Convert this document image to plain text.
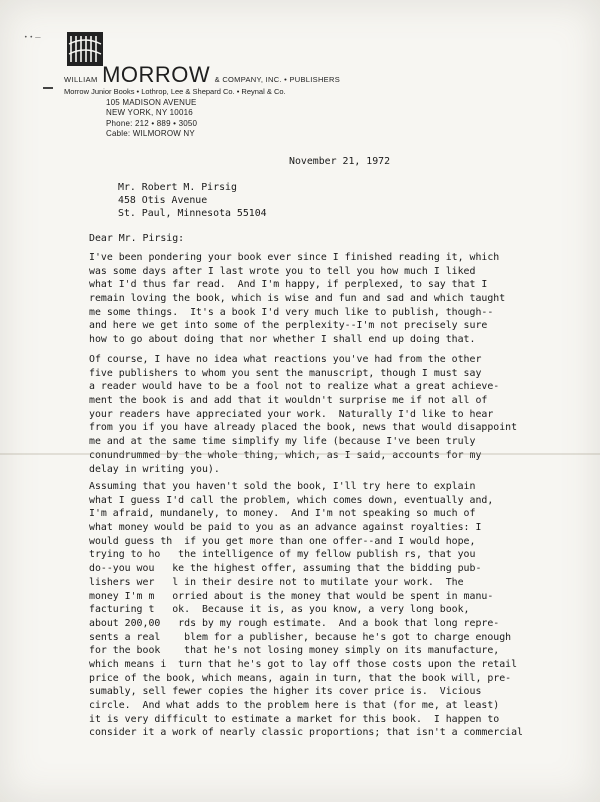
• • —
WILLIAM MORROW & COMPANY, INC. • PUBLISHERS
Morrow Junior Books • Lothrop, Lee & Shepard Co. • Reynal & Co.
105 MADISON AVENUE
NEW YORK, NY 10016
Phone: 212 • 889 • 3050
Cable: WILMOROW NY
November 21, 1972
Mr. Robert M. Pirsig
458 Otis Avenue
St. Paul, Minnesota 55104
Dear Mr. Pirsig:
I've been pondering your book ever since I finished reading it, which
was some days after I last wrote you to tell you how much I liked
what I'd thus far read.  And I'm happy, if perplexed, to say that I
remain loving the book, which is wise and fun and sad and which taught
me some things.  It's a book I'd very much like to publish, though--
and here we get into some of the perplexity--I'm not precisely sure
how to go about doing that nor whether I shall end up doing that.
Of course, I have no idea what reactions you've had from the other
five publishers to whom you sent the manuscript, though I must say
a reader would have to be a fool not to realize what a great achieve-
ment the book is and add that it wouldn't surprise me if not all of
your readers have appreciated your work.  Naturally I'd like to hear
from you if you have already placed the book, news that would disappoint
me and at the same time simplify my life (because I've been truly
conundrummed by the whole thing, which, as I said, accounts for my
delay in writing you).
Assuming that you haven't sold the book, I'll try here to explain
what I guess I'd call the problem, which comes down, eventually and,
I'm afraid, mundanely, to money.  And I'm not speaking so much of
what money would be paid to you as an advance against royalties: I
would guess th  if you get more than one offer--and I would hope,
trying to ho   the intelligence of my fellow publish rs, that you
do--you wou   ke the highest offer, assuming that the bidding pub-
lishers wer   l in their desire not to mutilate your work.  The
money I'm m   orried about is the money that would be spent in manu-
facturing t   ok.  Because it is, as you know, a very long book,
about 200,00   rds by my rough estimate.  And a book that long repre-
sents a real    blem for a publisher, because he's got to charge enough
for the book    that he's not losing money simply on its manufacture,
which means i  turn that he's got to lay off those costs upon the retail
price of the book, which means, again in turn, that the book will, pre-
sumably, sell fewer copies the higher its cover price is.  Vicious
circle.  And what adds to the problem here is that (for me, at least)
it is very difficult to estimate a market for this book.  I happen to
consider it a work of nearly classic proportions; that isn't a commercial
